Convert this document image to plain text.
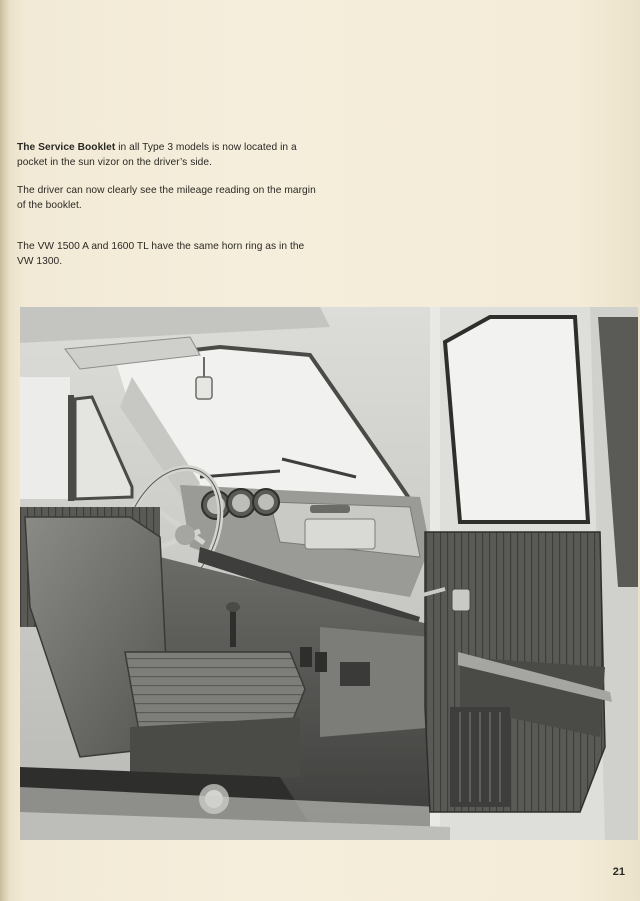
The Service Booklet in all Type 3 models is now located in a pocket in the sun vizor on the driver’s side.

The driver can now clearly see the mileage reading on the margin of the booklet.

The VW 1500 A and 1600 TL have the same horn ring as in the VW 1300.

21
